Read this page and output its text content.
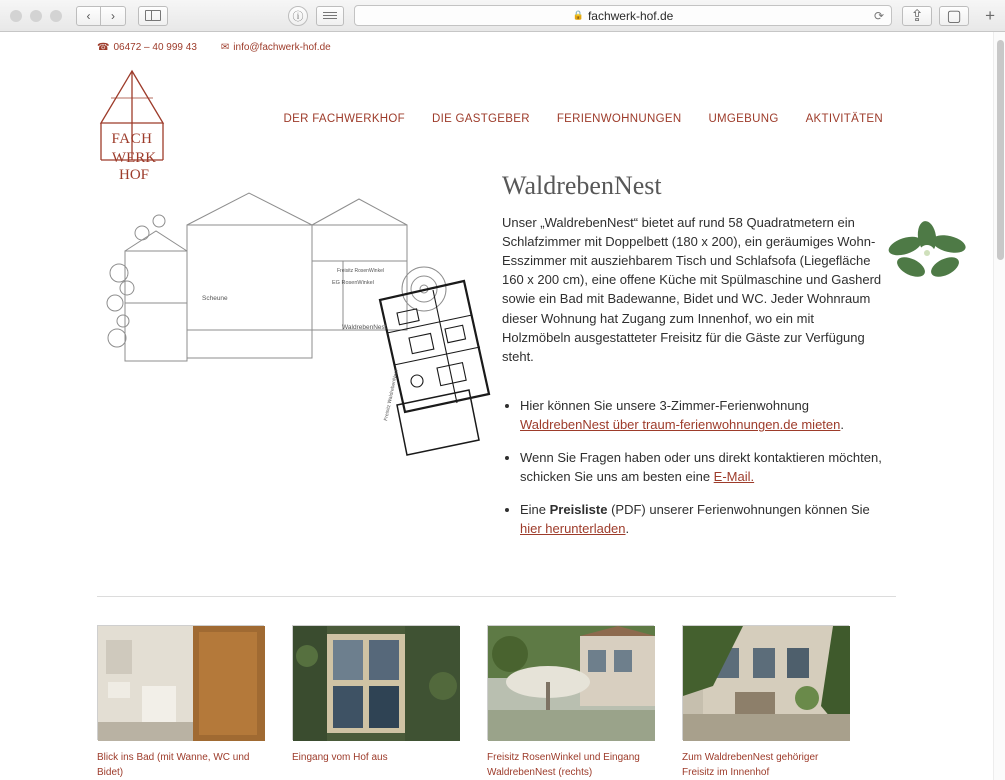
‹	›	ⓘ	🔒 fachwerk-hof.de	⟳	⇪	▢	+
☎ 06472 – 40 999 43 ✉ info@fachwerk-hof.de
FACH
DER FACHWERKHOF DIE GASTGEBER FERIENWOHNUNGEN UMGEBUNG AKTIVITÄTEN
WERK
HOF
Scheune
WaldrebenNest
EG RosenWinkel
Freisitz RosenWinkel
Freisitz WaldrebenNest
WaldrebenNest

Unser „WaldrebenNest“ bietet auf rund 58 Quadratmetern ein Schlafzimmer mit Doppelbett (180 x 200), ein geräumiges Wohn-Esszimmer mit ausziehbarem Tisch und Schlafsofa (Liegefläche 160 x 200 cm), eine offene Küche mit Spülmaschine und Gasherd sowie ein Bad mit Badewanne, Bidet und WC. Jeder Wohnraum dieser Wohnung hat Zugang zum Innenhof, wo ein mit Holzmöbeln ausgestatteter Freisitz für die Gäste zur Verfügung steht.

• Hier können Sie unsere 3-Zimmer-Ferienwohnung WaldrebenNest über traum-ferienwohnungen.de mieten.
• Wenn Sie Fragen haben oder uns direkt kontaktieren möchten, schicken Sie uns am besten eine E-Mail.
• Eine Preisliste (PDF) unserer Ferienwohnungen können Sie hier herunterladen.
Blick ins Bad (mit Wanne, WC und Bidet)
Eingang vom Hof aus	Freisitz RosenWinkel und Eingang WaldrebenNest (rechts)
Zum WaldrebenNest gehöriger Freisitz im Innenhof
